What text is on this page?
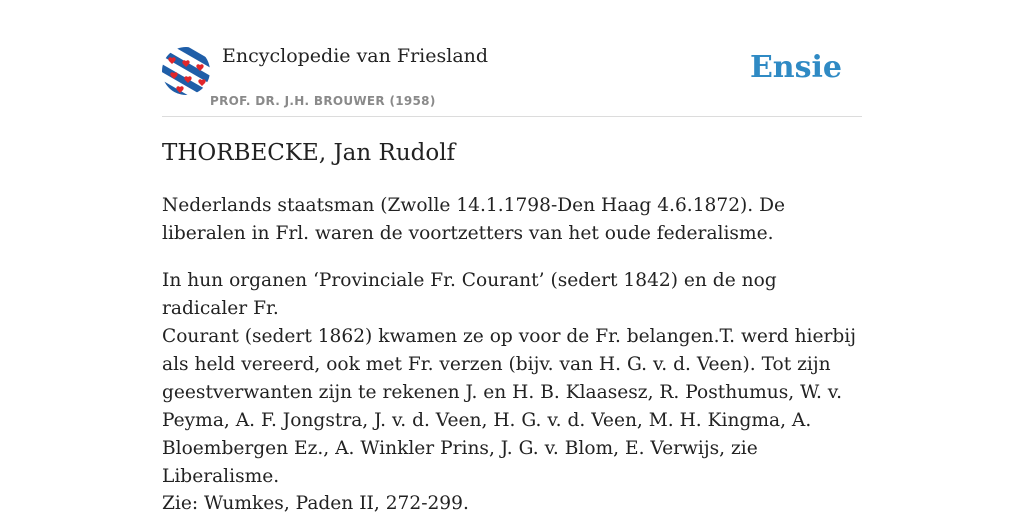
Encyclopedie van Friesland
PROF. DR. J.H. BROUWER (1958)
Ensie
THORBECKE, Jan Rudolf

Nederlands staatsman (Zwolle 14.1.1798-Den Haag 4.6.1872). De liberalen in Frl. waren de voortzetters van het oude federalisme.

In hun organen ‘Provinciale Fr. Courant’ (sedert 1842) en de nog radicaler Fr.

Courant (sedert 1862) kwamen ze op voor de Fr. belangen.T. werd hierbij als held vereerd, ook met Fr. verzen (bijv. van H. G. v. d. Veen). Tot zijn geestverwanten zijn te rekenen J. en H. B. Klaasesz, R. Posthumus, W. v. Peyma, A. F. Jongstra, J. v. d. Veen, H. G. v. d. Veen, M. H. Kingma, A. Bloembergen Ez., A. Winkler Prins, J. G. v. Blom, E. Verwijs, zie Liberalisme.

Zie: Wumkes, Paden II, 272-299.
